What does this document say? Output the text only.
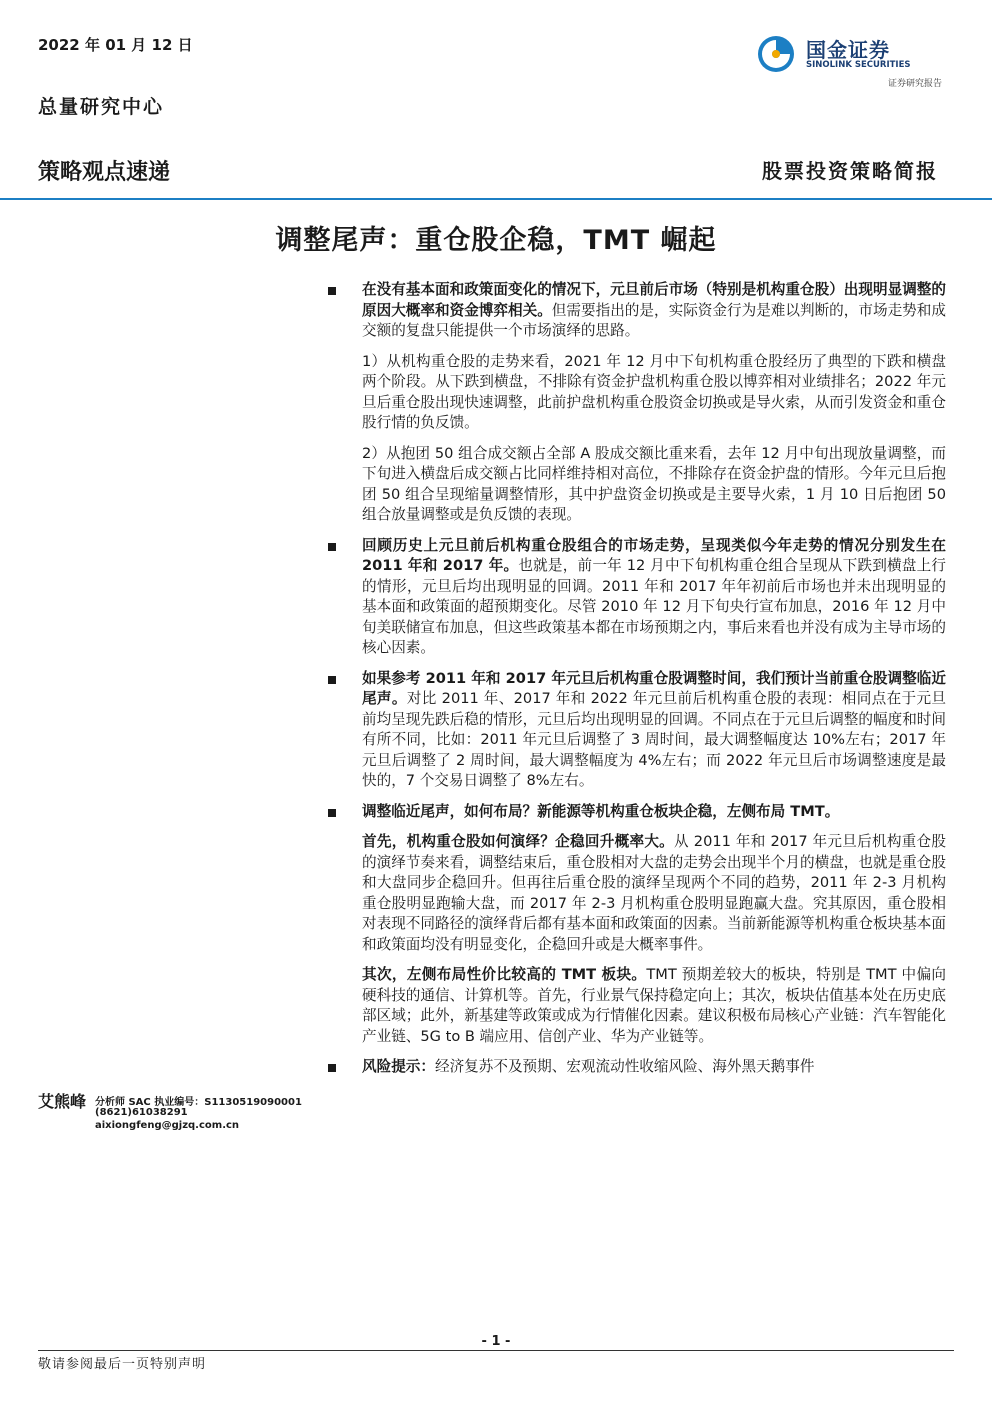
2022 年 01 月 12 日
总量研究中心
国金证券
SINOLINK SECURITIES
证券研究报告
策略观点速递	股票投资策略简报
调整尾声：重仓股企稳，TMT 崛起
在没有基本面和政策面变化的情况下，元旦前后市场（特别是机构重仓股）出现明显调整的原因大概率和资金博弈相关。但需要指出的是，实际资金行为是难以判断的，市场走势和成交额的复盘只能提供一个市场演绎的思路。
1）从机构重仓股的走势来看，2021 年 12 月中下旬机构重仓股经历了典型的下跌和横盘两个阶段。从下跌到横盘，不排除有资金护盘机构重仓股以博弈相对业绩排名；2022 年元旦后重仓股出现快速调整，此前护盘机构重仓股资金切换或是导火索，从而引发资金和重仓股行情的负反馈。
2）从抱团 50 组合成交额占全部 A 股成交额比重来看，去年 12 月中旬出现放量调整，而下旬进入横盘后成交额占比同样维持相对高位，不排除存在资金护盘的情形。今年元旦后抱团 50 组合呈现缩量调整情形，其中护盘资金切换或是主要导火索，1 月 10 日后抱团 50 组合放量调整或是负反馈的表现。
回顾历史上元旦前后机构重仓股组合的市场走势，呈现类似今年走势的情况分别发生在 2011 年和 2017 年。也就是，前一年 12 月中下旬机构重仓组合呈现从下跌到横盘上行的情形，元旦后均出现明显的回调。2011 年和 2017 年年初前后市场也并未出现明显的基本面和政策面的超预期变化。尽管 2010 年 12 月下旬央行宣布加息，2016 年 12 月中旬美联储宣布加息，但这些政策基本都在市场预期之内，事后来看也并没有成为主导市场的核心因素。
如果参考 2011 年和 2017 年元旦后机构重仓股调整时间，我们预计当前重仓股调整临近尾声。对比 2011 年、2017 年和 2022 年元旦前后机构重仓股的表现：相同点在于元旦前均呈现先跌后稳的情形，元旦后均出现明显的回调。不同点在于元旦后调整的幅度和时间有所不同，比如：2011 年元旦后调整了 3 周时间，最大调整幅度达 10%左右；2017 年元旦后调整了 2 周时间，最大调整幅度为 4%左右；而 2022 年元旦后市场调整速度是最快的，7 个交易日调整了 8%左右。
调整临近尾声，如何布局？新能源等机构重仓板块企稳，左侧布局 TMT。
首先，机构重仓股如何演绎？企稳回升概率大。从 2011 年和 2017 年元旦后机构重仓股的演绎节奏来看，调整结束后，重仓股相对大盘的走势会出现半个月的横盘，也就是重仓股和大盘同步企稳回升。但再往后重仓股的演绎呈现两个不同的趋势，2011 年 2-3 月机构重仓股明显跑输大盘，而 2017 年 2-3 月机构重仓股明显跑赢大盘。究其原因，重仓股相对表现不同路径的演绎背后都有基本面和政策面的因素。当前新能源等机构重仓板块基本面和政策面均没有明显变化，企稳回升或是大概率事件。
其次，左侧布局性价比较高的 TMT 板块。TMT 预期差较大的板块，特别是 TMT 中偏向硬科技的通信、计算机等。首先，行业景气保持稳定向上；其次，板块估值基本处在历史底部区域；此外，新基建等政策或成为行情催化因素。建议积极布局核心产业链：汽车智能化产业链、5G to B 端应用、信创产业、华为产业链等。
风险提示：经济复苏不及预期、宏观流动性收缩风险、海外黑天鹅事件
艾熊峰 分析师 SAC 执业编号：S1130519090001
(8621)61038291
aixiongfeng@gjzq.com.cn
- 1 -
敬请参阅最后一页特别声明
